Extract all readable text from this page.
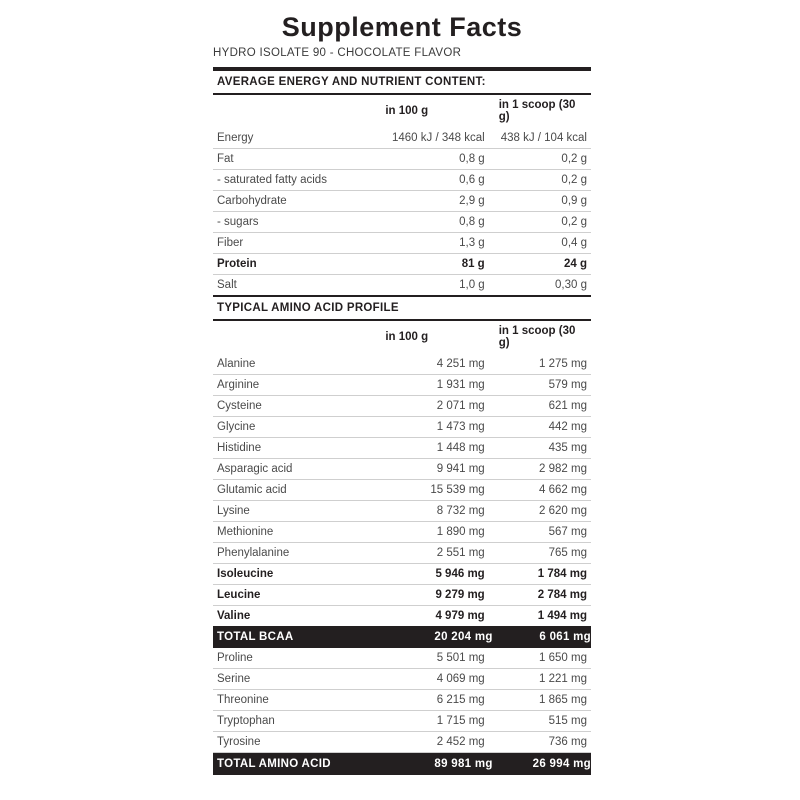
Supplement Facts
HYDRO ISOLATE 90 - CHOCOLATE FLAVOR
AVERAGE ENERGY AND NUTRIENT CONTENT:
	in 100 g	in 1 scoop (30 g)
Energy	1460 kJ / 348 kcal	438 kJ / 104 kcal
Fat	0,8 g	0,2 g
- saturated fatty acids	0,6 g	0,2 g
Carbohydrate	2,9 g	0,9 g
- sugars	0,8 g	0,2 g
Fiber	1,3 g	0,4 g
Protein	81 g	24 g
Salt	1,0 g	0,30 g
TYPICAL AMINO ACID PROFILE
	in 100 g	in 1 scoop (30 g)
Alanine	4 251 mg	1 275 mg
Arginine	1 931 mg	579 mg
Cysteine	2 071 mg	621 mg
Glycine	1 473 mg	442 mg
Histidine	1 448 mg	435 mg
Asparagic acid	9 941 mg	2 982 mg
Glutamic acid	15 539 mg	4 662 mg
Lysine	8 732 mg	2 620 mg
Methionine	1 890 mg	567 mg
Phenylalanine	2 551 mg	765 mg
Isoleucine	5 946 mg	1 784 mg
Leucine	9 279 mg	2 784 mg
Valine	4 979 mg	1 494 mg
TOTAL BCAA	20 204 mg	6 061 mg
Proline	5 501 mg	1 650 mg
Serine	4 069 mg	1 221 mg
Threonine	6 215 mg	1 865 mg
Tryptophan	1 715 mg	515 mg
Tyrosine	2 452 mg	736 mg
TOTAL AMINO ACID	89 981 mg	26 994 mg
